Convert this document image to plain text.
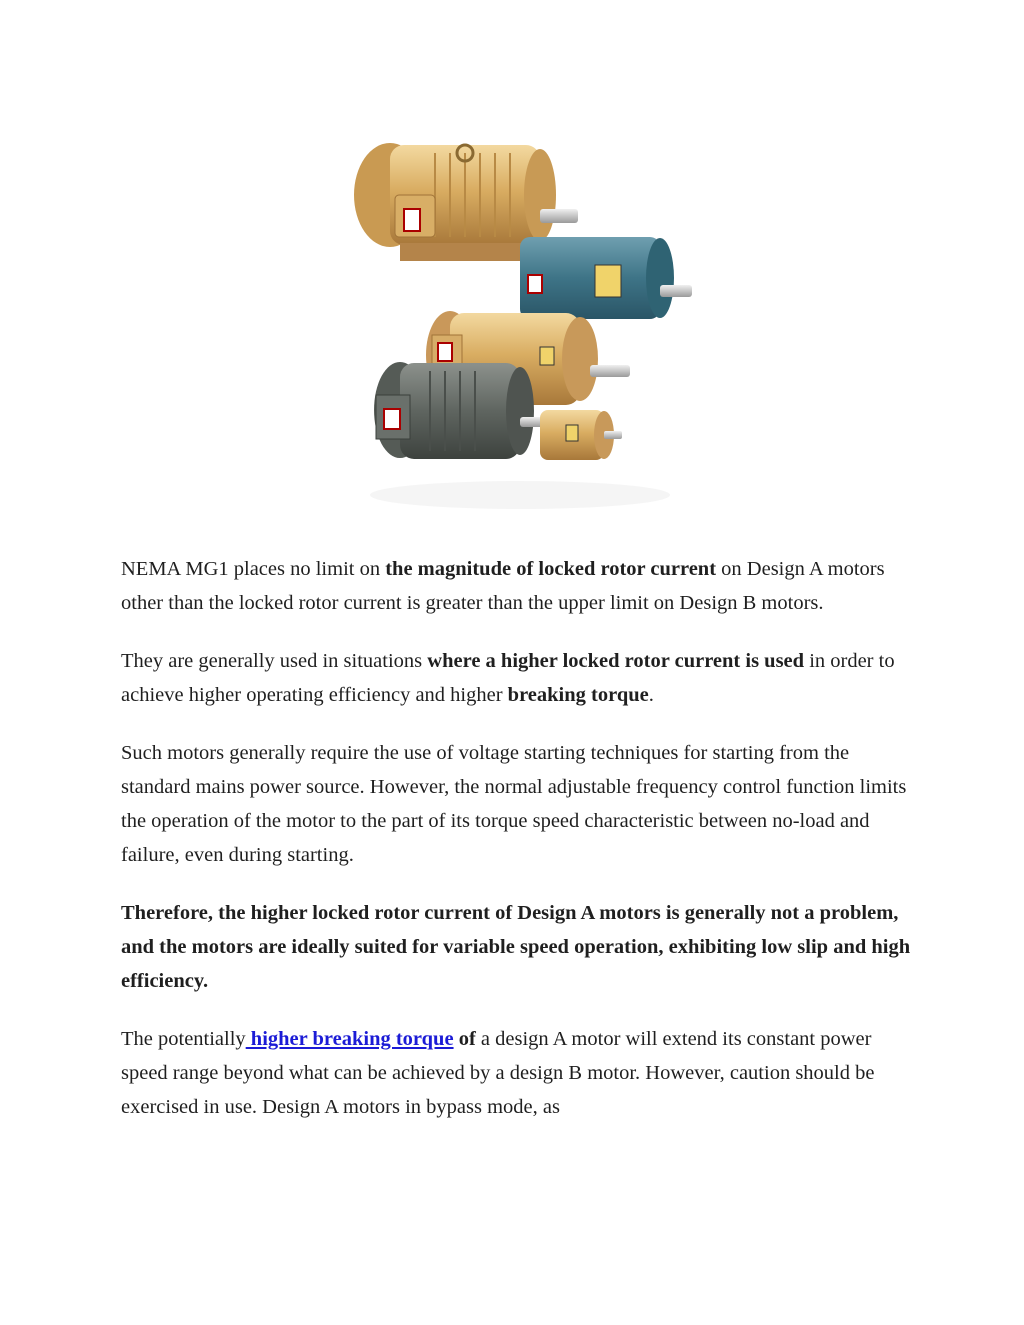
NEMA MG1 places no limit on the magnitude of locked rotor current on Design A motors other than the locked rotor current is greater than the upper limit on Design B motors.

They are generally used in situations where a higher locked rotor current is used in order to achieve higher operating efficiency and higher breaking torque.

Such motors generally require the use of voltage starting techniques for starting from the standard mains power source. However, the normal adjustable frequency control function limits the operation of the motor to the part of its torque speed characteristic between no-load and failure, even during starting.

Therefore, the higher locked rotor current of Design A motors is generally not a problem, and the motors are ideally suited for variable speed operation, exhibiting low slip and high efficiency.

The potentially higher breaking torque of a design A motor will extend its constant power speed range beyond what can be achieved by a design B motor. However, caution should be exercised in use. Design A motors in bypass mode, as
